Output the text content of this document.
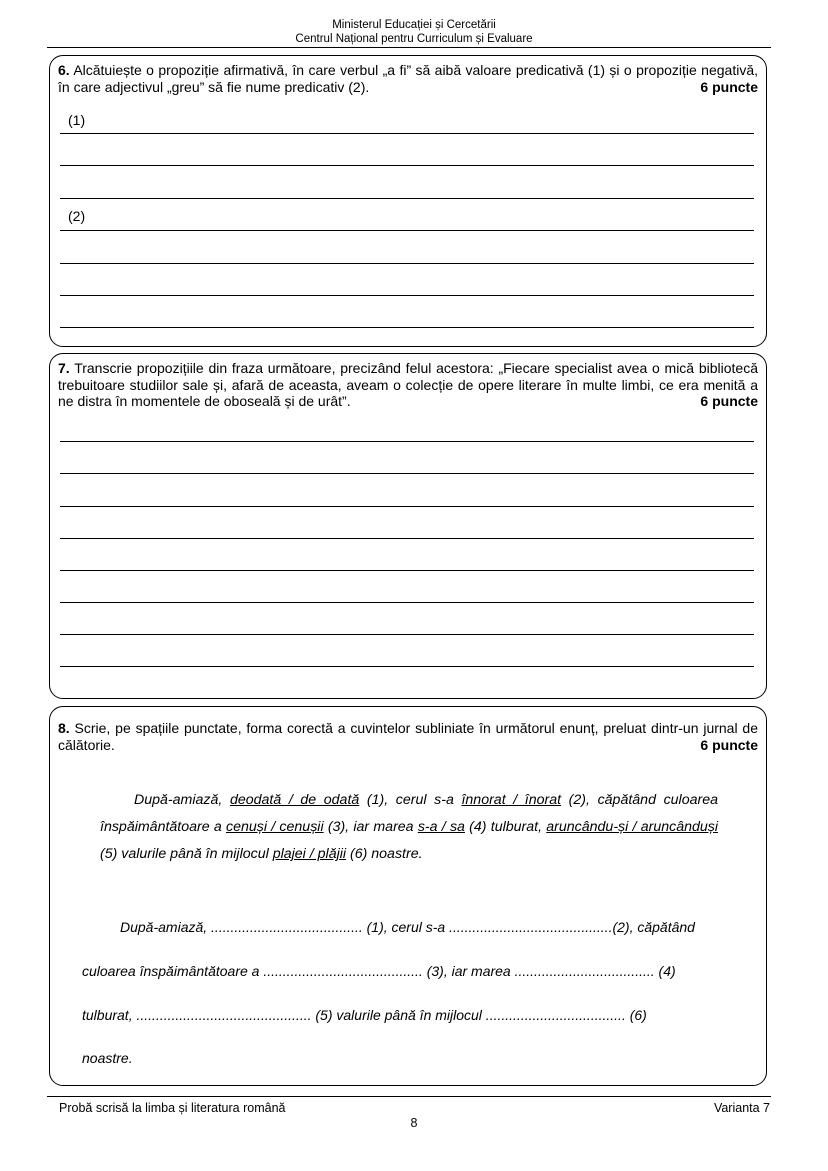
Ministerul Educației și Cercetării
Centrul Național pentru Curriculum și Evaluare
6. Alcătuiește o propoziție afirmativă, în care verbul „a fi” să aibă valoare predicativă (1) și o propoziție negativă, în care adjectivul „greu” să fie nume predicativ (2).	6 puncte
(1)
(2)
7. Transcrie propozițiile din fraza următoare, precizând felul acestora: „Fiecare specialist avea o mică bibliotecă trebuitoare studiilor sale și, afară de aceasta, aveam o colecție de opere literare în multe limbi, ce era menită a ne distra în momentele de oboseală și de urât”.	6 puncte
8. Scrie, pe spațiile punctate, forma corectă a cuvintelor subliniate în următorul enunț, preluat dintr-un jurnal de călătorie.	6 puncte
După-amiază, deodată / de odată (1), cerul s-a înnorat / înorat (2), căpătând culoarea înspăimântătoare a cenuși / cenușii (3), iar marea s-a / sa (4) tulburat, aruncându-și / aruncânduși (5) valurile până în mijlocul plajei / plăjii (6) noastre.
După-amiază, ....................................... (1), cerul s-a ..........................................(2), căpătând
culoarea înspăimântătoare a ......................................... (3), iar marea .................................... (4)
tulburat, ............................................. (5) valurile până în mijlocul .................................... (6)
noastre.
Probă scrisă la limba și literatura română	Varianta 7
8
